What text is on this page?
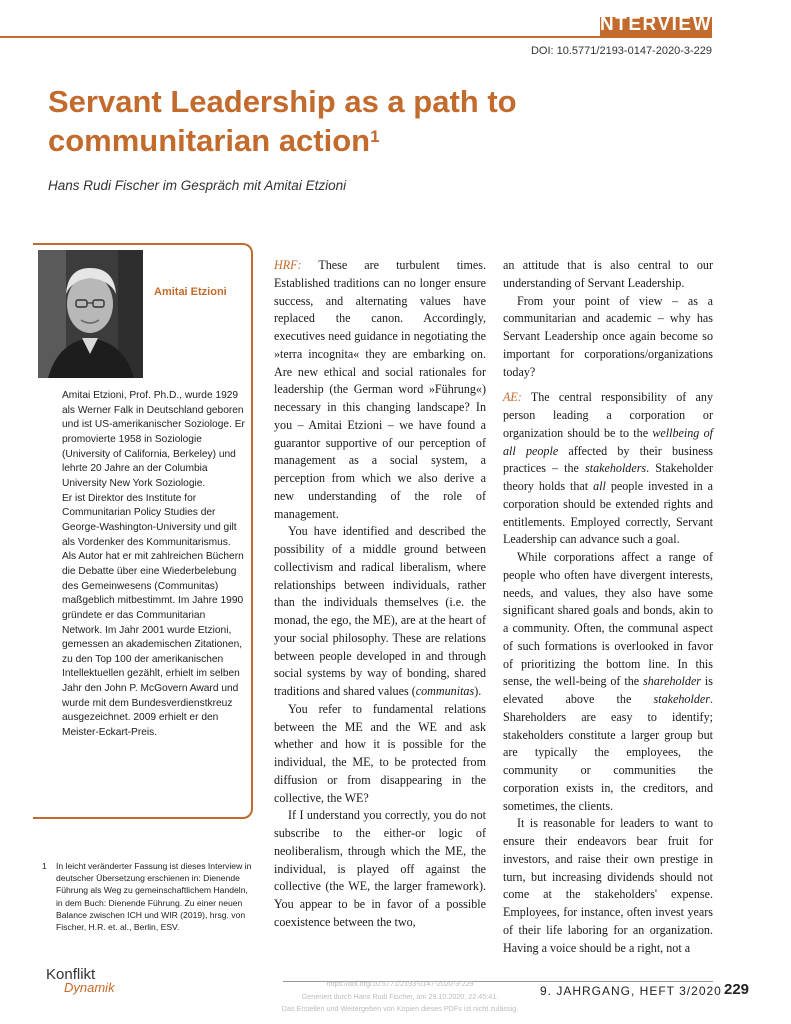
INTERVIEW
DOI: 10.5771/2193-0147-2020-3-229
Servant Leadership as a path to communitarian action$^1$
Hans Rudi Fischer im Gespräch mit Amitai Etzioni
Amitai Etzioni

Amitai Etzioni, Prof. Ph.D., wurde 1929 als Werner Falk in Deutschland geboren und ist US-amerikanischer Soziologe. Er promovierte 1958 in Soziologie (University of California, Berkeley) und lehrte 20 Jahre an der Columbia University New York Soziologie.

Er ist Direktor des Institute for Communitarian Policy Studies der George-Washington-University und gilt als Vordenker des Kommunitarismus. Als Autor hat er mit zahlreichen Büchern die Debatte über eine Wiederbelebung des Gemeinwesens (Communitas) maßgeblich mitbestimmt. Im Jahre 1990 gründete er das Communitarian Network. Im Jahr 2001 wurde Etzioni, gemessen an akademischen Zitationen, zu den Top 100 der amerikanischen Intellektuellen gezählt, erhielt im selben Jahr den John P. McGovern Award und wurde mit dem Bundesverdienstkreuz ausgezeichnet. 2009 erhielt er den Meister-Eckart-Preis.

1 In leicht veränderter Fassung ist dieses Interview in deutscher Übersetzung erschienen in: Dienende Führung als Weg zu gemeinschaftlichem Handeln, in dem Buch: Dienende Führung. Zu einer neuen Balance zwischen ICH und WIR (2019), hrsg. von Fischer, H.R. et. al., Berlin, ESV.

HRF: These are turbulent times. Established traditions can no longer ensure success, and alternating values have replaced the canon. Accordingly, executives need guidance in negotiating the »terra incognita« they are embarking on. Are new ethical and social rationales for leadership (the German word »Führung«) necessary in this changing landscape? In you – Amitai Etzioni – we have found a guarantor supportive of our perception of management as a social system, a perception from which we also derive a new understanding of the role of management.

You have identified and described the possibility of a middle ground between collectivism and radical liberalism, where relationships between individuals, rather than the individuals themselves (i.e. the monad, the ego, the ME), are at the heart of your social philosophy. These are relations between people developed in and through social systems by way of bonding, shared traditions and shared values (communitas).

You refer to fundamental relations between the ME and the WE and ask whether and how it is possible for the individual, the ME, to be protected from diffusion or from disappearing in the collective, the WE?

If I understand you correctly, you do not subscribe to the either-or logic of neoliberalism, through which the ME, the individual, is played off against the collective (the WE, the larger framework). You appear to be in favor of a possible coexistence between the two,

an attitude that is also central to our understanding of Servant Leadership.

From your point of view – as a communitarian and academic – why has Servant Leadership once again become so important for corporations/organizations today?

AE: The central responsibility of any person leading a corporation or organization should be to the wellbeing of all people affected by their business practices – the stakeholders. Stakeholder theory holds that all people invested in a corporation should be extended rights and entitlements. Employed correctly, Servant Leadership can advance such a goal.

While corporations affect a range of people who often have divergent interests, needs, and values, they also have some significant shared goals and bonds, akin to a community. Often, the communal aspect of such formations is overlooked in favor of prioritizing the bottom line. In this sense, the well-being of the shareholder is elevated above the stakeholder. Shareholders are easy to identify; stakeholders constitute a larger group but are typically the employees, the community or communities the corporation exists in, the creditors, and sometimes, the clients.

It is reasonable for leaders to want to ensure their endeavors bear fruit for investors, and raise their own prestige in turn, but increasing dividends should not come at the stakeholders' expense. Employees, for instance, often invest years of their life laboring for an organization. Having a voice should be a right, not a

Konflikt
Dynamik	9. JAHRGANG, HEFT 3/2020 229
https://doi.org/10.5771/2193-0147-2020-3-229
Generiert durch Hans Rudi Fischer, am 29.10.2020, 22:45:41.
Das Erstellen und Weitergeben von Kopien dieses PDFs ist nicht zulässig.
